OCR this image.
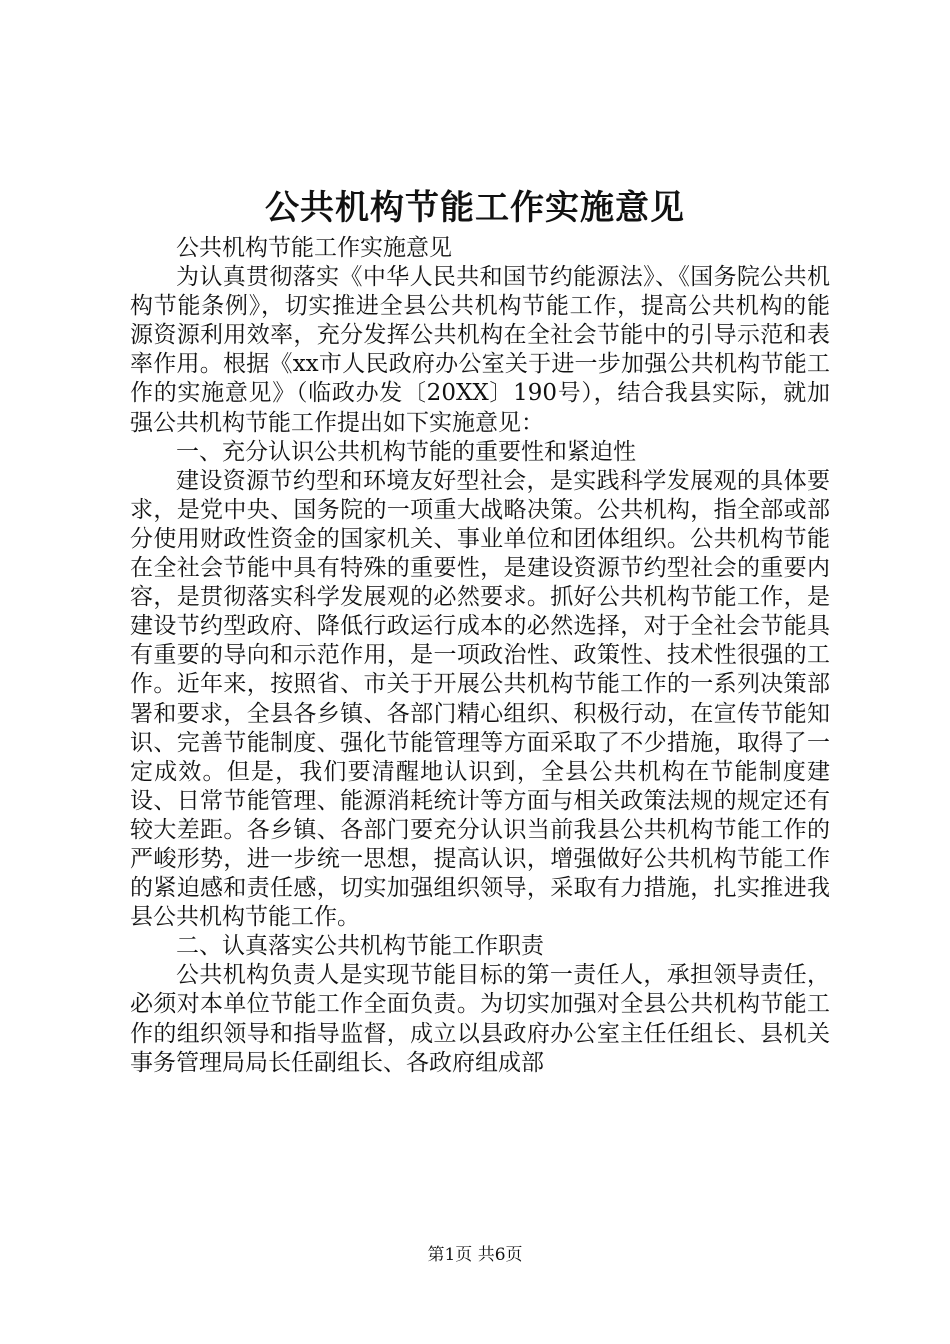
公共机构节能工作实施意见

公共机构节能工作实施意见

为认真贯彻落实《中华人民共和国节约能源法》、《国务院公共机构节能条例》，切实推进全县公共机构节能工作，提高公共机构的能源资源利用效率，充分发挥公共机构在全社会节能中的引导示范和表率作用。根据《xx市人民政府办公室关于进一步加强公共机构节能工作的实施意见》（临政办发〔20XX〕190号），结合我县实际，就加强公共机构节能工作提出如下实施意见：

一、充分认识公共机构节能的重要性和紧迫性

建设资源节约型和环境友好型社会，是实践科学发展观的具体要求，是党中央、国务院的一项重大战略决策。公共机构，指全部或部分使用财政性资金的国家机关、事业单位和团体组织。公共机构节能在全社会节能中具有特殊的重要性，是建设资源节约型社会的重要内容，是贯彻落实科学发展观的必然要求。抓好公共机构节能工作，是建设节约型政府、降低行政运行成本的必然选择，对于全社会节能具有重要的导向和示范作用，是一项政治性、政策性、技术性很强的工作。近年来，按照省、市关于开展公共机构节能工作的一系列决策部署和要求，全县各乡镇、各部门精心组织、积极行动，在宣传节能知识、完善节能制度、强化节能管理等方面采取了不少措施，取得了一定成效。但是，我们要清醒地认识到，全县公共机构在节能制度建设、日常节能管理、能源消耗统计等方面与相关政策法规的规定还有较大差距。各乡镇、各部门要充分认识当前我县公共机构节能工作的严峻形势，进一步统一思想，提高认识，增强做好公共机构节能工作的紧迫感和责任感，切实加强组织领导，采取有力措施，扎实推进我县公共机构节能工作。

二、认真落实公共机构节能工作职责

公共机构负责人是实现节能目标的第一责任人，承担领导责任，必须对本单位节能工作全面负责。为切实加强对全县公共机构节能工作的组织领导和指导监督，成立以县政府办公室主任任组长、县机关事务管理局局长任副组长、各政府组成部

第1页 共6页
